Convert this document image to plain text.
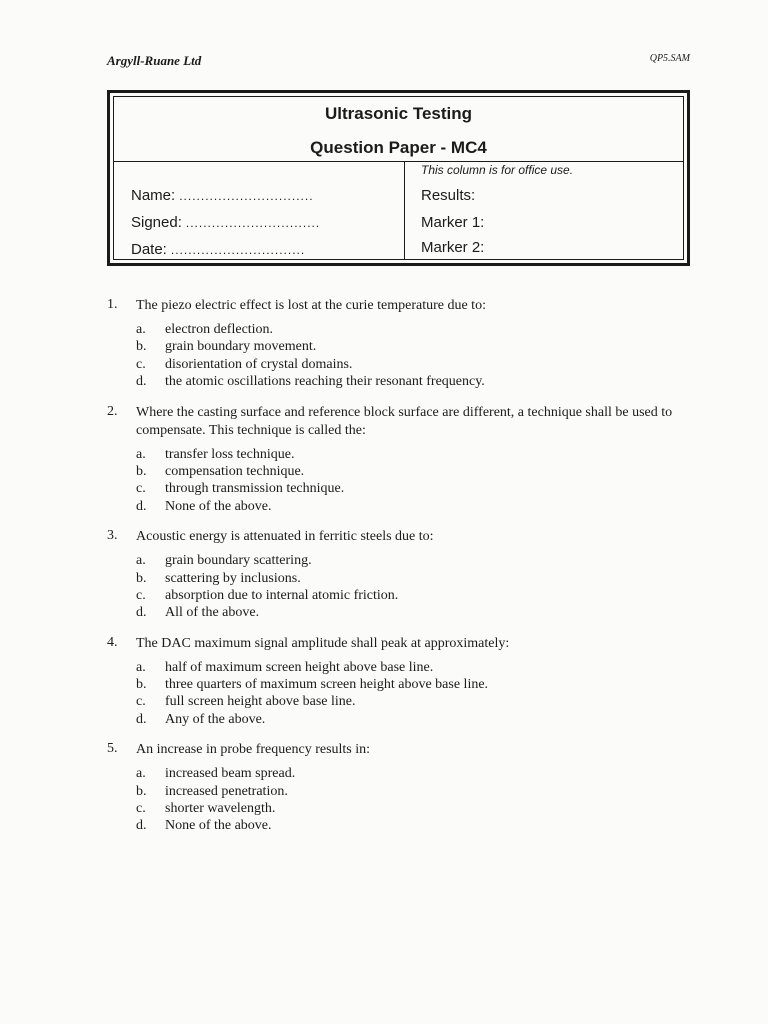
Argyll-Ruane Ltd	QP5.SAM
Ultrasonic Testing
Question Paper - MC4
Name: ...............................
Signed: ...............................
Date: ...............................
This column is for office use.
Results:
Marker 1:
Marker 2:
1. The piezo electric effect is lost at the curie temperature due to:
a. electron deflection.
b. grain boundary movement.
c. disorientation of crystal domains.
d. the atomic oscillations reaching their resonant frequency.
2. Where the casting surface and reference block surface are different, a technique shall be used to compensate. This technique is called the:
a. transfer loss technique.
b. compensation technique.
c. through transmission technique.
d. None of the above.
3. Acoustic energy is attenuated in ferritic steels due to:
a. grain boundary scattering.
b. scattering by inclusions.
c. absorption due to internal atomic friction.
d. All of the above.
4. The DAC maximum signal amplitude shall peak at approximately:
a. half of maximum screen height above base line.
b. three quarters of maximum screen height above base line.
c. full screen height above base line.
d. Any of the above.
5. An increase in probe frequency results in:
a. increased beam spread.
b. increased penetration.
c. shorter wavelength.
d. None of the above.
